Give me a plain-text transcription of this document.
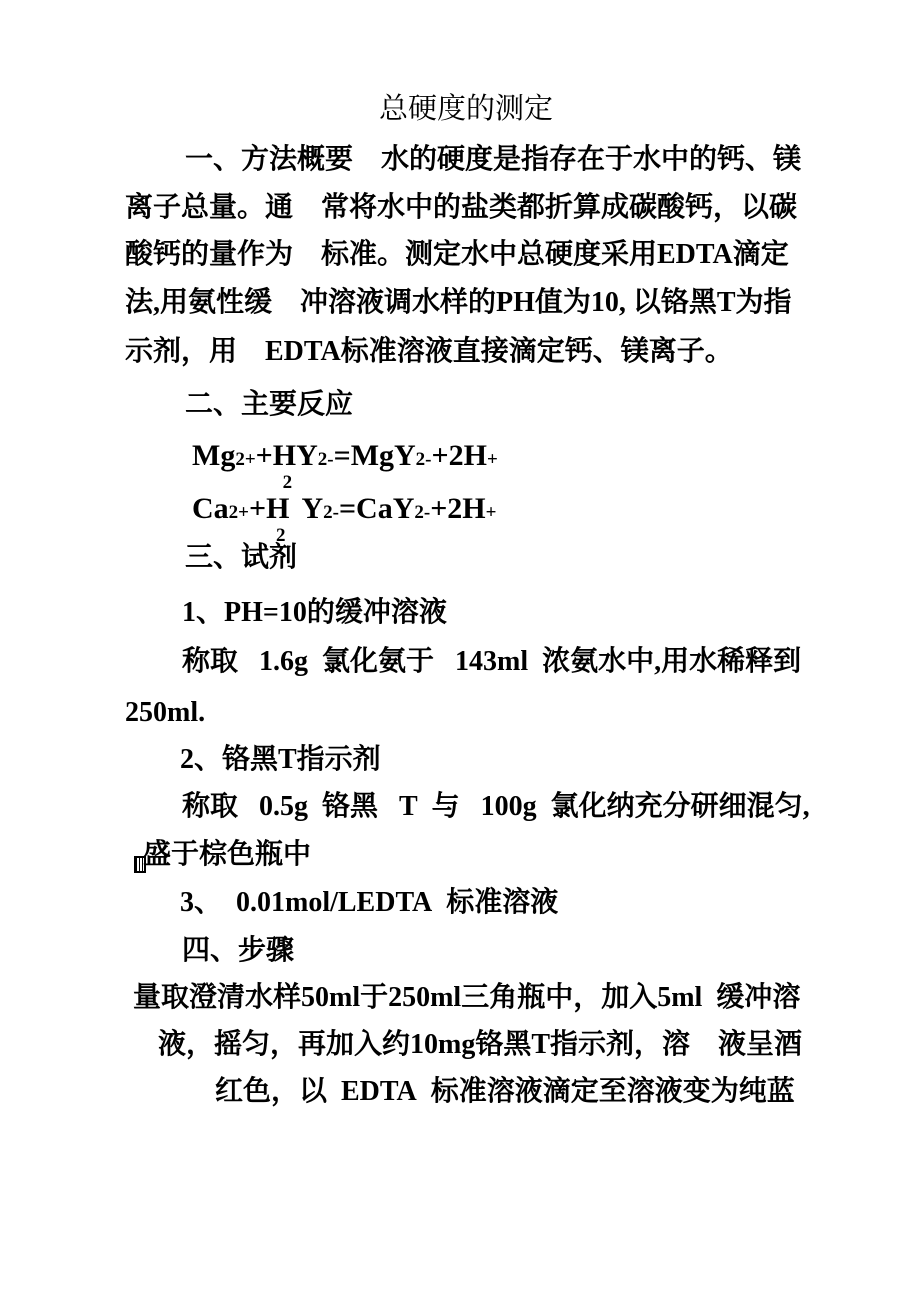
总硬度的测定
一、方法概要　水的硬度是指存在于水中的钙、镁
离子总量。通　常将水中的盐类都折算成碳酸钙，以碳
酸钙的量作为　标准。测定水中总硬度采用EDTA滴定
法,用氨性缓　冲溶液调水样的PH值为10, 以铬黑T为指
示剂，用　EDTA标准溶液直接滴定钙、镁离子。
二、主要反应
Mg2++H
2
Y2-=MgY2-+2H+
Ca2++H
2
Y2-=CaY2-+2H+
三、试剂
1、PH=10的缓冲溶液
称取  1.6g 氯化氨于  143ml 浓氨水中,用水稀释到
250ml.
2、铬黑T指示剂
称取  0.5g 铬黑  T 与  100g 氯化纳充分研细混匀,
盛于棕色瓶中
3、　0.01mol/LEDTA 标准溶液
四、步骤
量取澄清水样50ml于250ml三角瓶中，加入5ml 缓冲溶
液，摇匀，再加入约10mg铬黑T指示剂，溶　液呈酒
红色，以 EDTA 标准溶液滴定至溶液变为纯蓝
